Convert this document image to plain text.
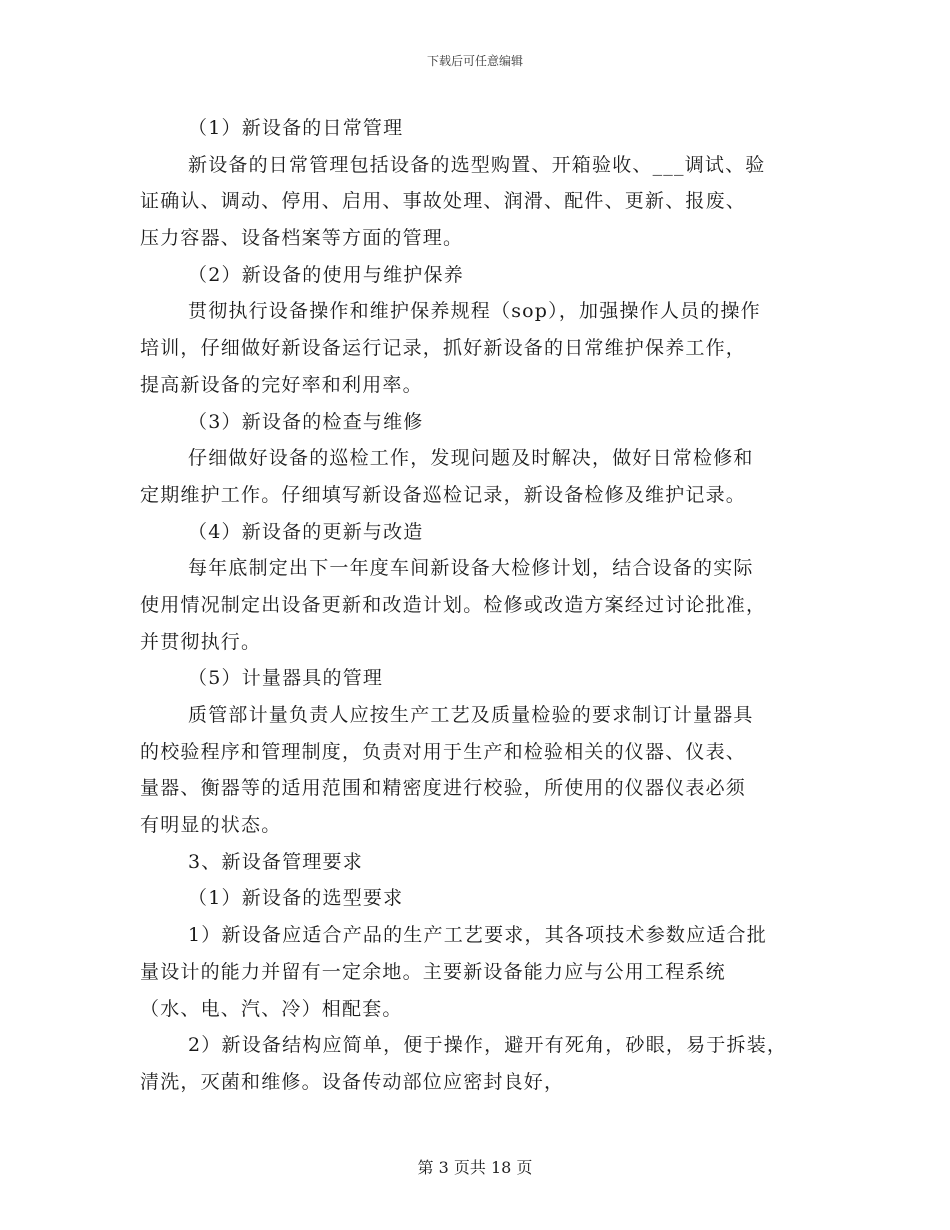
下载后可任意编辑
（1）新设备的日常管理
新设备的日常管理包括设备的选型购置、开箱验收、___调试、验
证确认、调动、停用、启用、事故处理、润滑、配件、更新、报废、
压力容器、设备档案等方面的管理。
（2）新设备的使用与维护保养
贯彻执行设备操作和维护保养规程（sop），加强操作人员的操作
培训，仔细做好新设备运行记录，抓好新设备的日常维护保养工作，
提高新设备的完好率和利用率。
（3）新设备的检查与维修
仔细做好设备的巡检工作，发现问题及时解决，做好日常检修和
定期维护工作。仔细填写新设备巡检记录，新设备检修及维护记录。
（4）新设备的更新与改造
每年底制定出下一年度车间新设备大检修计划，结合设备的实际
使用情况制定出设备更新和改造计划。检修或改造方案经过讨论批准，
并贯彻执行。
（5）计量器具的管理
质管部计量负责人应按生产工艺及质量检验的要求制订计量器具
的校验程序和管理制度，负责对用于生产和检验相关的仪器、仪表、
量器、衡器等的适用范围和精密度进行校验，所使用的仪器仪表必须
有明显的状态。
3、新设备管理要求
（1）新设备的选型要求
1）新设备应适合产品的生产工艺要求，其各项技术参数应适合批
量设计的能力并留有一定余地。主要新设备能力应与公用工程系统
（水、电、汽、冷）相配套。
2）新设备结构应简单，便于操作，避开有死角，砂眼，易于拆装，
清洗，灭菌和维修。设备传动部位应密封良好，
第 3 页共 18 页
